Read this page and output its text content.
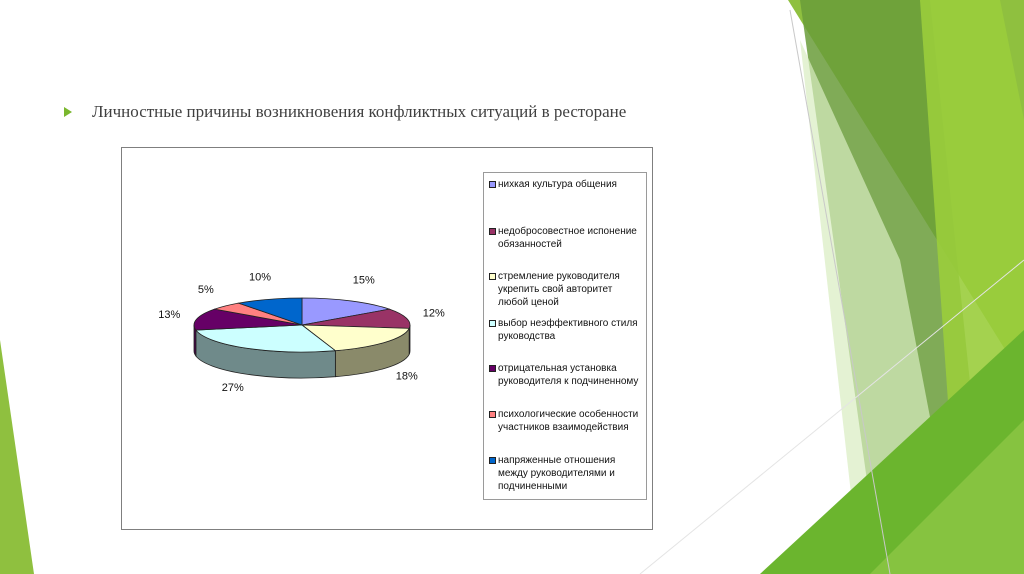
Личностные причины возникновения конфликтных ситуаций в ресторане
15%
12%
18%
27%
13%
5%
10%
нихкая культура общения
недобросовестное испонение обязанностей
стремление руководителя укрепить свой авторитет любой ценой
выбор неэффективного стиля руководства
отрицательная установка руководителя к подчиненному
психологические особенности участников взаимодействия
напряженные отношения между руководителями и подчиненными
